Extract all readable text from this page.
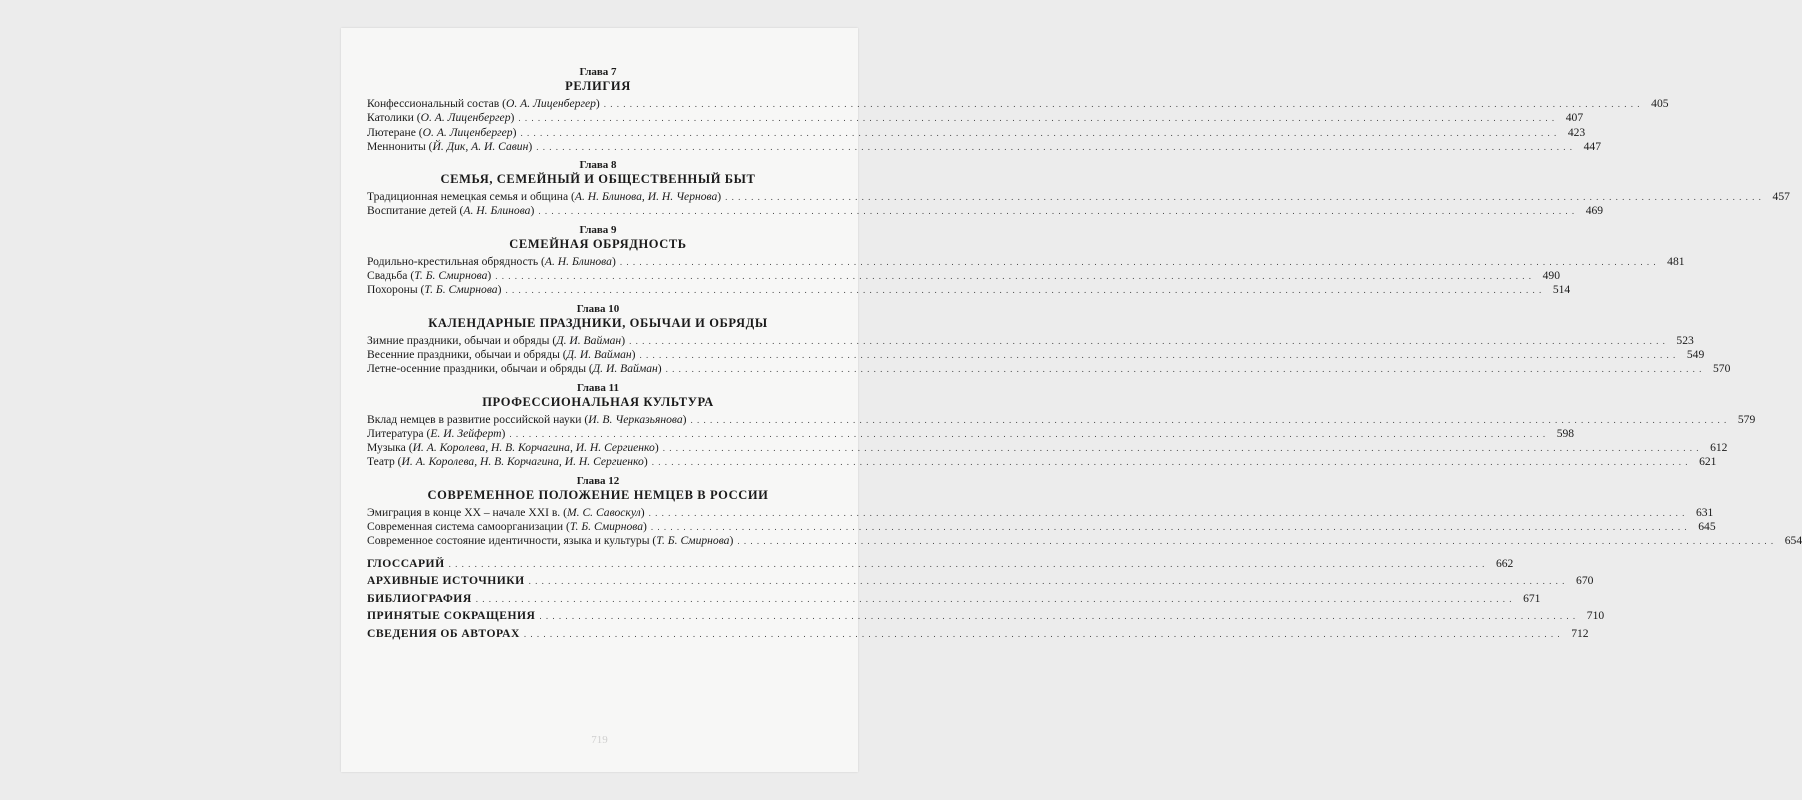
Глава 7
РЕЛИГИЯ
Конфессиональный состав (О. А. Лиценбергер) . . . . . . . . . . . . . . . . . . . . . . . . . . . . . . . . . . . . . . . . . . . . . . . . . . . . . . . . . . . . . . . . . . . . . . . . . . . . . . . . . . . . . . . . . . . . . . . . . . . . . . . . . . . . . . . . . . . . . . . . . . . . . . . . . . . . . . . . . . . . . . . . . . . . . . . . . . . . . . . . 405
Католики (О. А. Лиценбергер) . . . . . . . . . . . . . . . . . . . . . . . . . . . . . . . . . . . . . . . . . . . . . . . . . . . . . . . . . . . . . . . . . . . . . . . . . . . . . . . . . . . . . . . . . . . . . . . . . . . . . . . . . . . . . . . . . . . . . . . . . . . . . . . . . . . . . . . . . . . . . . . . . . . . . . . . . . . . . . . . 407
Лютеране (О. А. Лиценбергер) . . . . . . . . . . . . . . . . . . . . . . . . . . . . . . . . . . . . . . . . . . . . . . . . . . . . . . . . . . . . . . . . . . . . . . . . . . . . . . . . . . . . . . . . . . . . . . . . . . . . . . . . . . . . . . . . . . . . . . . . . . . . . . . . . . . . . . . . . . . . . . . . . . . . . . . . . . . . . . . . 423
Меннониты (Й. Дик, А. И. Савин) . . . . . . . . . . . . . . . . . . . . . . . . . . . . . . . . . . . . . . . . . . . . . . . . . . . . . . . . . . . . . . . . . . . . . . . . . . . . . . . . . . . . . . . . . . . . . . . . . . . . . . . . . . . . . . . . . . . . . . . . . . . . . . . . . . . . . . . . . . . . . . . . . . . . . . . . . . . . . . . . 447
Глава 8
СЕМЬЯ, СЕМЕЙНЫЙ И ОБЩЕСТВЕННЫЙ БЫТ
Традиционная немецкая семья и община (А. Н. Блинова, И. Н. Чернова) . . . . . . . . . . . . . . . . . . . . . . . . . . . . . . . . . . . . . . . . . . . . . . . . . . . . . . . . . . . . . . . . . . . . . . . . . . . . . . . . . . . . . . . . . . . . . . . . . . . . . . . . . . . . . . . . . . . . . . . . . . . . . . . . . . . . . . . . . . . . . . . . . . . . . . . . . . . . . . . . 457
Воспитание детей (А. Н. Блинова) . . . . . . . . . . . . . . . . . . . . . . . . . . . . . . . . . . . . . . . . . . . . . . . . . . . . . . . . . . . . . . . . . . . . . . . . . . . . . . . . . . . . . . . . . . . . . . . . . . . . . . . . . . . . . . . . . . . . . . . . . . . . . . . . . . . . . . . . . . . . . . . . . . . . . . . . . . . . . . . . 469
Глава 9
СЕМЕЙНАЯ ОБРЯДНОСТЬ
Родильно-крестильная обрядность (А. Н. Блинова) . . . . . . . . . . . . . . . . . . . . . . . . . . . . . . . . . . . . . . . . . . . . . . . . . . . . . . . . . . . . . . . . . . . . . . . . . . . . . . . . . . . . . . . . . . . . . . . . . . . . . . . . . . . . . . . . . . . . . . . . . . . . . . . . . . . . . . . . . . . . . . . . . . . . . . . . . . . . . . . . 481
Свадьба (Т. Б. Смирнова) . . . . . . . . . . . . . . . . . . . . . . . . . . . . . . . . . . . . . . . . . . . . . . . . . . . . . . . . . . . . . . . . . . . . . . . . . . . . . . . . . . . . . . . . . . . . . . . . . . . . . . . . . . . . . . . . . . . . . . . . . . . . . . . . . . . . . . . . . . . . . . . . . . . . . . . . . . . . . . . . 490
Похороны (Т. Б. Смирнова) . . . . . . . . . . . . . . . . . . . . . . . . . . . . . . . . . . . . . . . . . . . . . . . . . . . . . . . . . . . . . . . . . . . . . . . . . . . . . . . . . . . . . . . . . . . . . . . . . . . . . . . . . . . . . . . . . . . . . . . . . . . . . . . . . . . . . . . . . . . . . . . . . . . . . . . . . . . . . . . . 514
Глава 10
КАЛЕНДАРНЫЕ ПРАЗДНИКИ, ОБЫЧАИ И ОБРЯДЫ
Зимние праздники, обычаи и обряды (Д. И. Вайман) . . . . . . . . . . . . . . . . . . . . . . . . . . . . . . . . . . . . . . . . . . . . . . . . . . . . . . . . . . . . . . . . . . . . . . . . . . . . . . . . . . . . . . . . . . . . . . . . . . . . . . . . . . . . . . . . . . . . . . . . . . . . . . . . . . . . . . . . . . . . . . . . . . . . . . . . . . . . . . . . 523
Весенние праздники, обычаи и обряды (Д. И. Вайман) . . . . . . . . . . . . . . . . . . . . . . . . . . . . . . . . . . . . . . . . . . . . . . . . . . . . . . . . . . . . . . . . . . . . . . . . . . . . . . . . . . . . . . . . . . . . . . . . . . . . . . . . . . . . . . . . . . . . . . . . . . . . . . . . . . . . . . . . . . . . . . . . . . . . . . . . . . . . . . . . 549
Летне-осенние праздники, обычаи и обряды (Д. И. Вайман) . . . . . . . . . . . . . . . . . . . . . . . . . . . . . . . . . . . . . . . . . . . . . . . . . . . . . . . . . . . . . . . . . . . . . . . . . . . . . . . . . . . . . . . . . . . . . . . . . . . . . . . . . . . . . . . . . . . . . . . . . . . . . . . . . . . . . . . . . . . . . . . . . . . . . . . . . . . . . . . . 570
Глава 11
ПРОФЕССИОНАЛЬНАЯ КУЛЬТУРА
Вклад немцев в развитие российской науки (И. В. Черказьянова) . . . . . . . . . . . . . . . . . . . . . . . . . . . . . . . . . . . . . . . . . . . . . . . . . . . . . . . . . . . . . . . . . . . . . . . . . . . . . . . . . . . . . . . . . . . . . . . . . . . . . . . . . . . . . . . . . . . . . . . . . . . . . . . . . . . . . . . . . . . . . . . . . . . . . . . . . . . . . . . . 579
Литература (Е. И. Зейферт) . . . . . . . . . . . . . . . . . . . . . . . . . . . . . . . . . . . . . . . . . . . . . . . . . . . . . . . . . . . . . . . . . . . . . . . . . . . . . . . . . . . . . . . . . . . . . . . . . . . . . . . . . . . . . . . . . . . . . . . . . . . . . . . . . . . . . . . . . . . . . . . . . . . . . . . . . . . . . . . . 598
Музыка (И. А. Королева, Н. В. Корчагина, И. Н. Сергиенко) . . . . . . . . . . . . . . . . . . . . . . . . . . . . . . . . . . . . . . . . . . . . . . . . . . . . . . . . . . . . . . . . . . . . . . . . . . . . . . . . . . . . . . . . . . . . . . . . . . . . . . . . . . . . . . . . . . . . . . . . . . . . . . . . . . . . . . . . . . . . . . . . . . . . . . . . . . . . . . . . 612
Театр (И. А. Королева, Н. В. Корчагина, И. Н. Сергиенко) . . . . . . . . . . . . . . . . . . . . . . . . . . . . . . . . . . . . . . . . . . . . . . . . . . . . . . . . . . . . . . . . . . . . . . . . . . . . . . . . . . . . . . . . . . . . . . . . . . . . . . . . . . . . . . . . . . . . . . . . . . . . . . . . . . . . . . . . . . . . . . . . . . . . . . . . . . . . . . . . 621
Глава 12
СОВРЕМЕННОЕ ПОЛОЖЕНИЕ НЕМЦЕВ В РОССИИ
Эмиграция в конце XX – начале XXI в. (М. С. Савоскул) . . . . . . . . . . . . . . . . . . . . . . . . . . . . . . . . . . . . . . . . . . . . . . . . . . . . . . . . . . . . . . . . . . . . . . . . . . . . . . . . . . . . . . . . . . . . . . . . . . . . . . . . . . . . . . . . . . . . . . . . . . . . . . . . . . . . . . . . . . . . . . . . . . . . . . . . . . . . . . . . 631
Современная система самоорганизации (Т. Б. Смирнова) . . . . . . . . . . . . . . . . . . . . . . . . . . . . . . . . . . . . . . . . . . . . . . . . . . . . . . . . . . . . . . . . . . . . . . . . . . . . . . . . . . . . . . . . . . . . . . . . . . . . . . . . . . . . . . . . . . . . . . . . . . . . . . . . . . . . . . . . . . . . . . . . . . . . . . . . . . . . . . . . 645
Современное состояние идентичности, языка и культуры (Т. Б. Смирнова) . . . . . . . . . . . . . . . . . . . . . . . . . . . . . . . . . . . . . . . . . . . . . . . . . . . . . . . . . . . . . . . . . . . . . . . . . . . . . . . . . . . . . . . . . . . . . . . . . . . . . . . . . . . . . . . . . . . . . . . . . . . . . . . . . . . . . . . . . . . . . . . . . . . . . . . . . . . . . . . . 654
ГЛОССАРИЙ . . . . . . . . . . . . . . . . . . . . . . . . . . . . . . . . . . . . . . . . . . . . . . . . . . . . . . . . . . . . . . . . . . . . . . . . . . . . . . . . . . . . . . . . . . . . . . . . . . . . . . . . . . . . . . . . . . . . . . . . . . . . . . . . . . . . . . . . . . . . . . . . . . . . . . . . . . . . . . . . 662
АРХИВНЫЕ ИСТОЧНИКИ . . . . . . . . . . . . . . . . . . . . . . . . . . . . . . . . . . . . . . . . . . . . . . . . . . . . . . . . . . . . . . . . . . . . . . . . . . . . . . . . . . . . . . . . . . . . . . . . . . . . . . . . . . . . . . . . . . . . . . . . . . . . . . . . . . . . . . . . . . . . . . . . . . . . . . . . . . . . . . . . 670
БИБЛИОГРАФИЯ . . . . . . . . . . . . . . . . . . . . . . . . . . . . . . . . . . . . . . . . . . . . . . . . . . . . . . . . . . . . . . . . . . . . . . . . . . . . . . . . . . . . . . . . . . . . . . . . . . . . . . . . . . . . . . . . . . . . . . . . . . . . . . . . . . . . . . . . . . . . . . . . . . . . . . . . . . . . . . . . 671
ПРИНЯТЫЕ СОКРАЩЕНИЯ . . . . . . . . . . . . . . . . . . . . . . . . . . . . . . . . . . . . . . . . . . . . . . . . . . . . . . . . . . . . . . . . . . . . . . . . . . . . . . . . . . . . . . . . . . . . . . . . . . . . . . . . . . . . . . . . . . . . . . . . . . . . . . . . . . . . . . . . . . . . . . . . . . . . . . . . . . . . . . . . 710
СВЕДЕНИЯ ОБ АВТОРАХ . . . . . . . . . . . . . . . . . . . . . . . . . . . . . . . . . . . . . . . . . . . . . . . . . . . . . . . . . . . . . . . . . . . . . . . . . . . . . . . . . . . . . . . . . . . . . . . . . . . . . . . . . . . . . . . . . . . . . . . . . . . . . . . . . . . . . . . . . . . . . . . . . . . . . . . . . . . . . . . . 712
719
